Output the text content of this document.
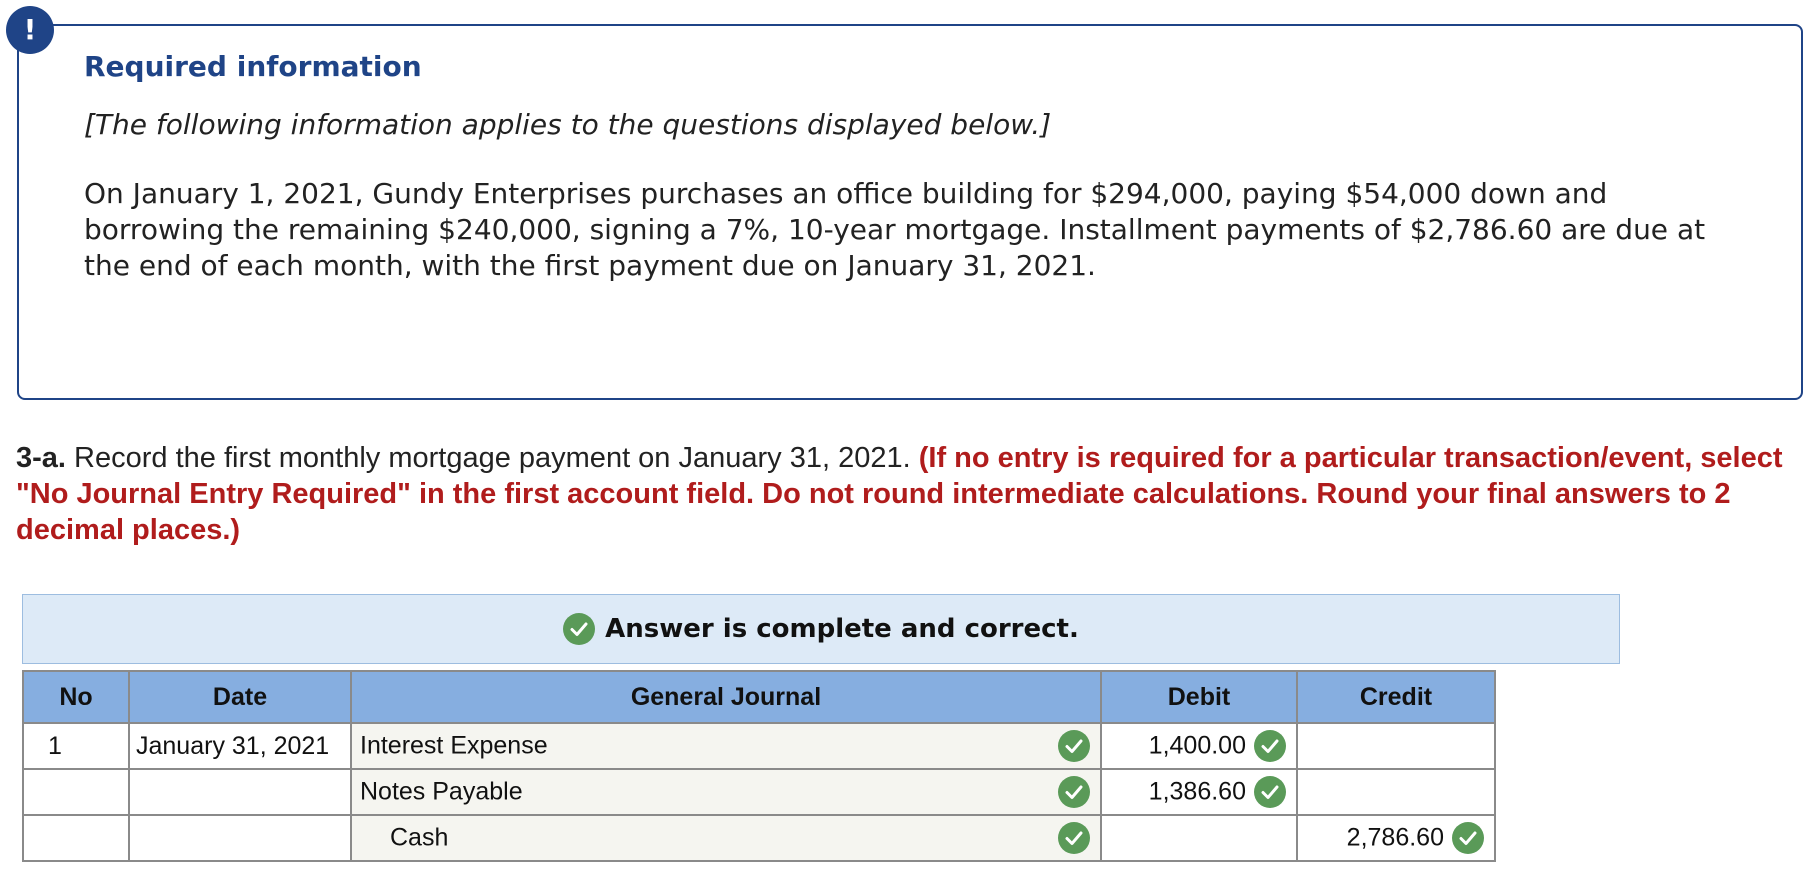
!
Required information

[The following information applies to the questions displayed below.]

On January 1, 2021, Gundy Enterprises purchases an office building for $294,000, paying $54,000 down and borrowing the remaining $240,000, signing a 7%, 10-year mortgage. Installment payments of $2,786.60 are due at the end of each month, with the first payment due on January 31, 2021.

3-a. Record the first monthly mortgage payment on January 31, 2021. (If no entry is required for a particular transaction/event, select "No Journal Entry Required" in the first account field. Do not round intermediate calculations. Round your final answers to 2 decimal places.)

Answer is complete and correct.
No	Date	General Journal	Debit	Credit
1	January 31, 2021	Interest Expense	1,400.00	

		Notes Payable	1,386.60	

		Cash		2,786.60
